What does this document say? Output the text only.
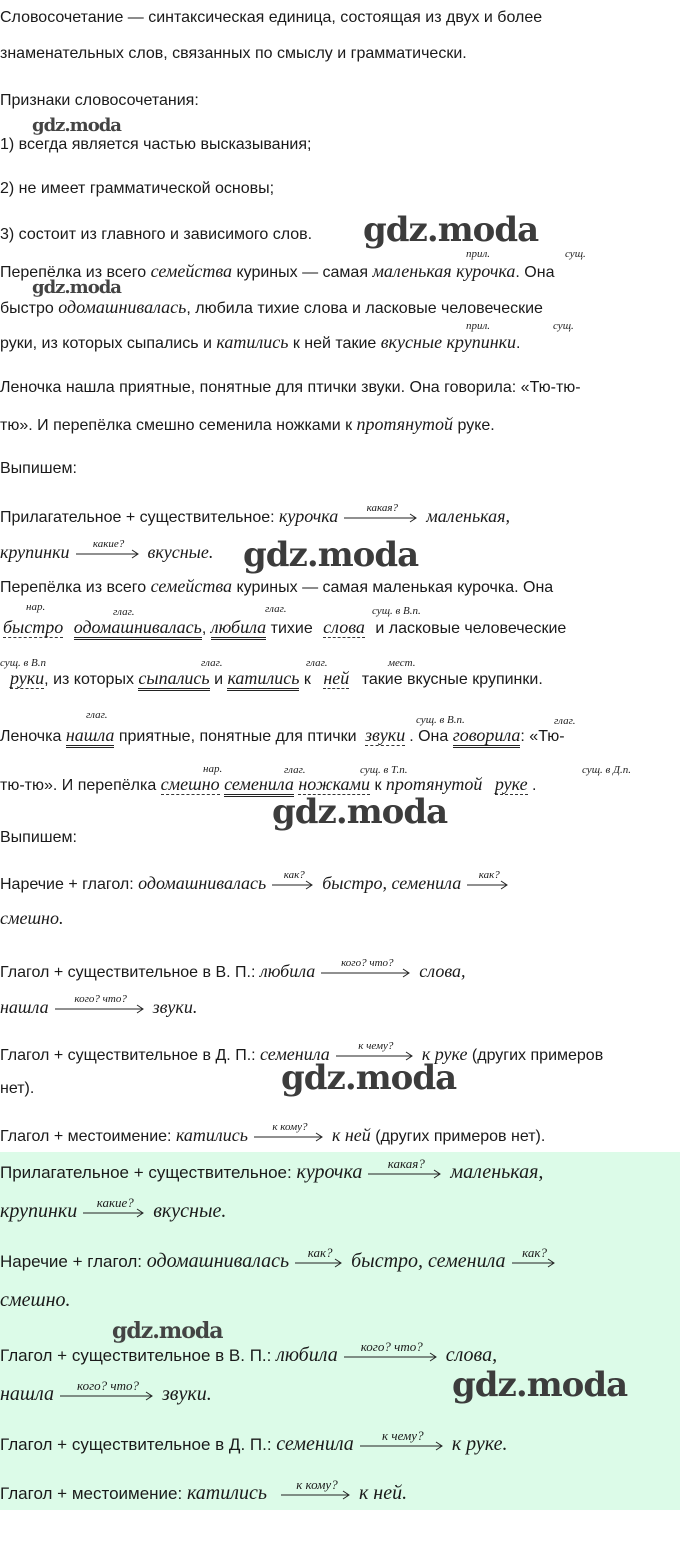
Словосочетание — синтаксическая единица, состоящая из двух и более

знаменательных слов, связанных по смыслу и грамматически.

Признаки словосочетания:

gdz.moda

1) всегда является частью высказывания;

2) не имеет грамматической основы;

3) состоит из главного и зависимого слов. gdz.moda
прил.	сущ.

Перепёлка из всего семейства куриных — самая маленькая курочка. Она

gdz.moda

быстро одомашнивалась, любила тихие слова и ласковые человеческие

прил.	сущ.

руки, из которых сыпались и катились к ней такие вкусные крупинки.

Леночка нашла приятные, понятные для птички звуки. Она говорила: «Тю-тю-

тю». И перепёлка смешно семенила ножками к протянутой руке.

Выпишем:

Прилагательное + существительное: курочка	какая?	маленькая,

крупинки	какие?	вкусные. gdz.moda

Перепёлка из всего семейства куриных — самая маленькая курочка. Она

нар.	глаг.	глаг.	сущ. в В.п.

быстро одомашнивалась, любила тихие слова и ласковые человеческие

сущ. в В.п	глаг.	глаг.	мест.

руки, из которых сыпались и катились к ней такие вкусные крупинки.

глаг.	сущ. в В.п.	глаг.

Леночка нашла приятные, понятные для птички звуки . Она говорила: «Тю-

нар.	глаг.	сущ. в Т.п.	сущ. в Д.п.

тю-тю». И перепёлка смешно семенила ножками к протянутой руке .

gdz.moda

Выпишем:

Наречие + глагол: одомашнивалась	как? быстро, семенила	как?

смешно.

Глагол + существительное в В. П.: любила	кого? что?	слова,

нашла	кого? что?	звуки.

Глагол + существительное в Д. П.: семенила	к чему?	к руке (других примеров

нет).	gdz.moda

Глагол + местоимение: катились	к кому?	к ней (других примеров нет).

Прилагательное + существительное: курочка	какая?	маленькая,

крупинки	какие? вкусные.

Наречие + глагол: одомашнивалась	как? быстро, семенила	как?

смешно.

gdz.moda

Глагол + существительное в В. П.: любила	кого? что?	слова,

нашла	кого? что?	звуки.	gdz.moda

Глагол + существительное в Д. П.: семенила	к чему?	к руке.

Глагол + местоимение: катились	к кому?	к ней.
